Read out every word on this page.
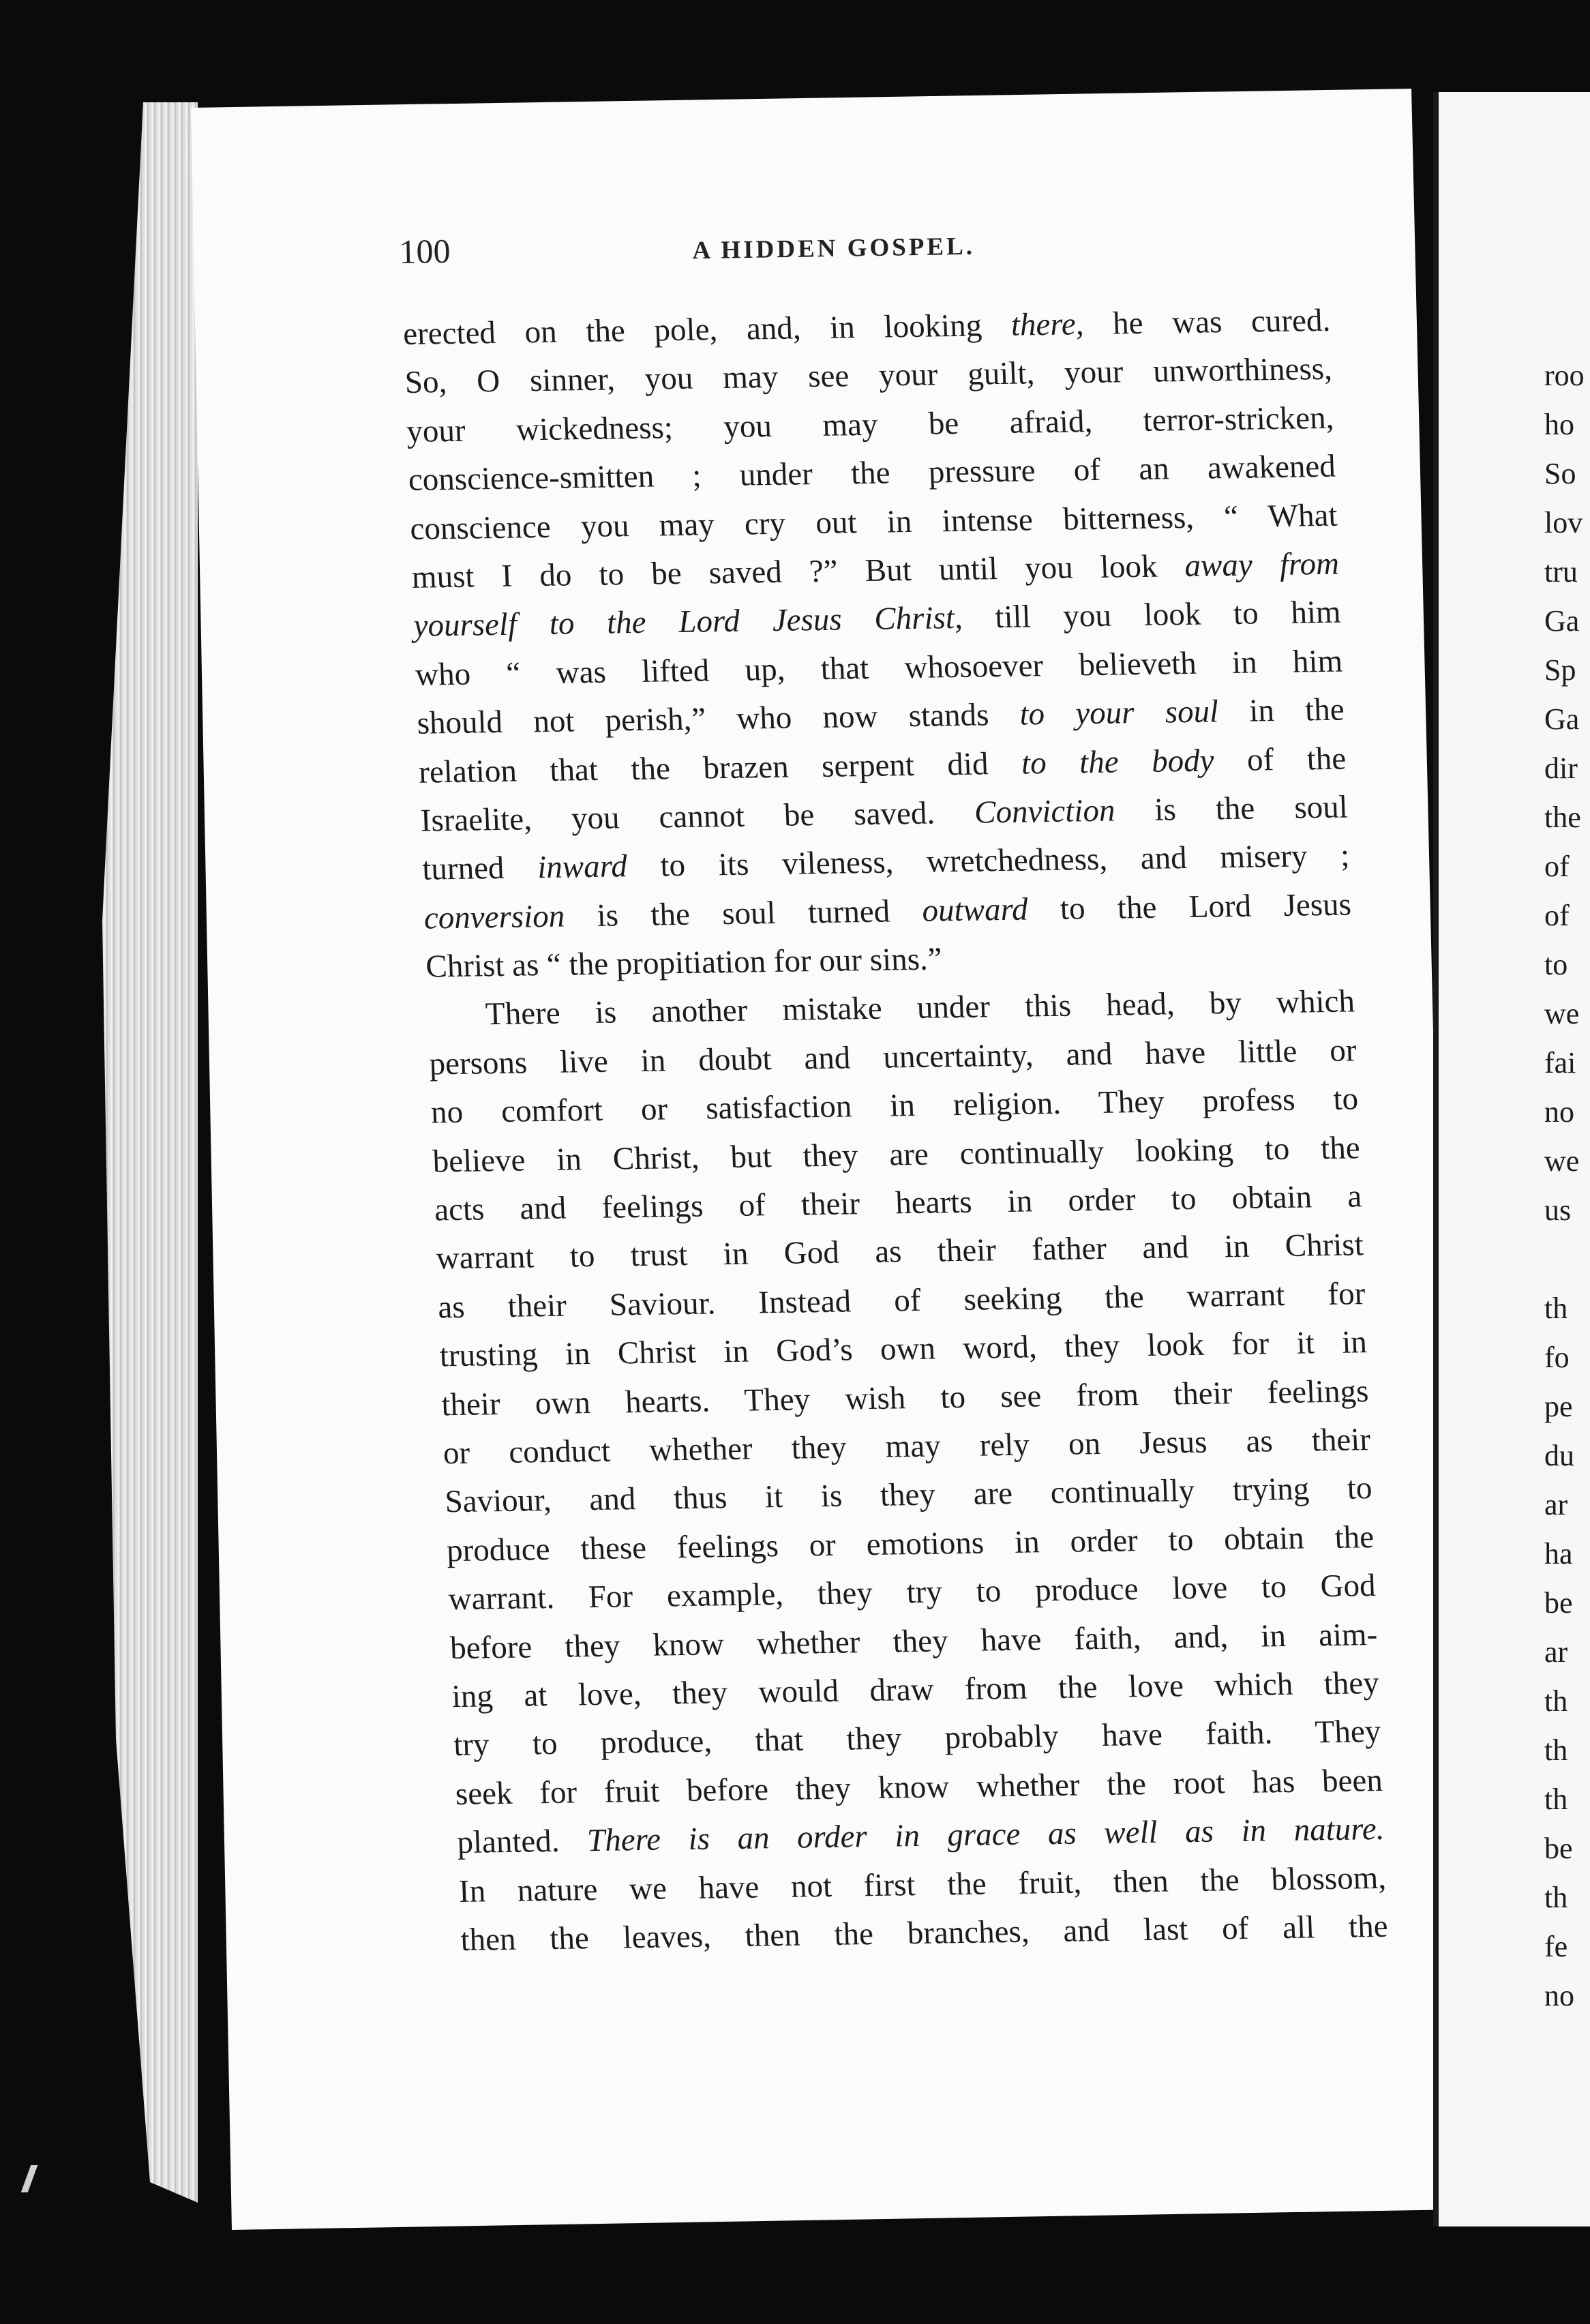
100	A HIDDEN GOSPEL.
erected on the pole, and, in looking there, he was cured.
So, O sinner, you may see your guilt, your unworthiness,
your wickedness; you may be afraid, terror-stricken,
conscience-smitten ; under the pressure of an awakened
conscience you may cry out in intense bitterness, “ What
must I do to be saved ?” But until you look away from
yourself to the Lord Jesus Christ, till you look to him
who “ was lifted up, that whosoever believeth in him
should not perish,” who now stands to your soul in the
relation that the brazen serpent did to the body of the
Israelite, you cannot be saved. Conviction is the soul
turned inward to its vileness, wretchedness, and misery ;
conversion is the soul turned outward to the Lord Jesus
Christ as “ the propitiation for our sins.”
There is another mistake under this head, by which
persons live in doubt and uncertainty, and have little or
no comfort or satisfaction in religion. They profess to
believe in Christ, but they are continually looking to the
acts and feelings of their hearts in order to obtain a
warrant to trust in God as their father and in Christ
as their Saviour. Instead of seeking the warrant for
trusting in Christ in God’s own word, they look for it in
their own hearts. They wish to see from their feelings
or conduct whether they may rely on Jesus as their
Saviour, and thus it is they are continually trying to
produce these feelings or emotions in order to obtain the
warrant. For example, they try to produce love to God
before they know whether they have faith, and, in aim-
ing at love, they would draw from the love which they
try to produce, that they probably have faith. They
seek for fruit before they know whether the root has been
planted. There is an order in grace as well as in nature.
In nature we have not first the fruit, then the blossom,
then the leaves, then the branches, and last of all the
roo
ho
So
lov
tru
Ga
Sp
Ga
dir
the
of
of
to
we
fai
no
we
us
th
fo
pe
du
ar
ha
be
ar
th
th
th
be
th
fe
no
